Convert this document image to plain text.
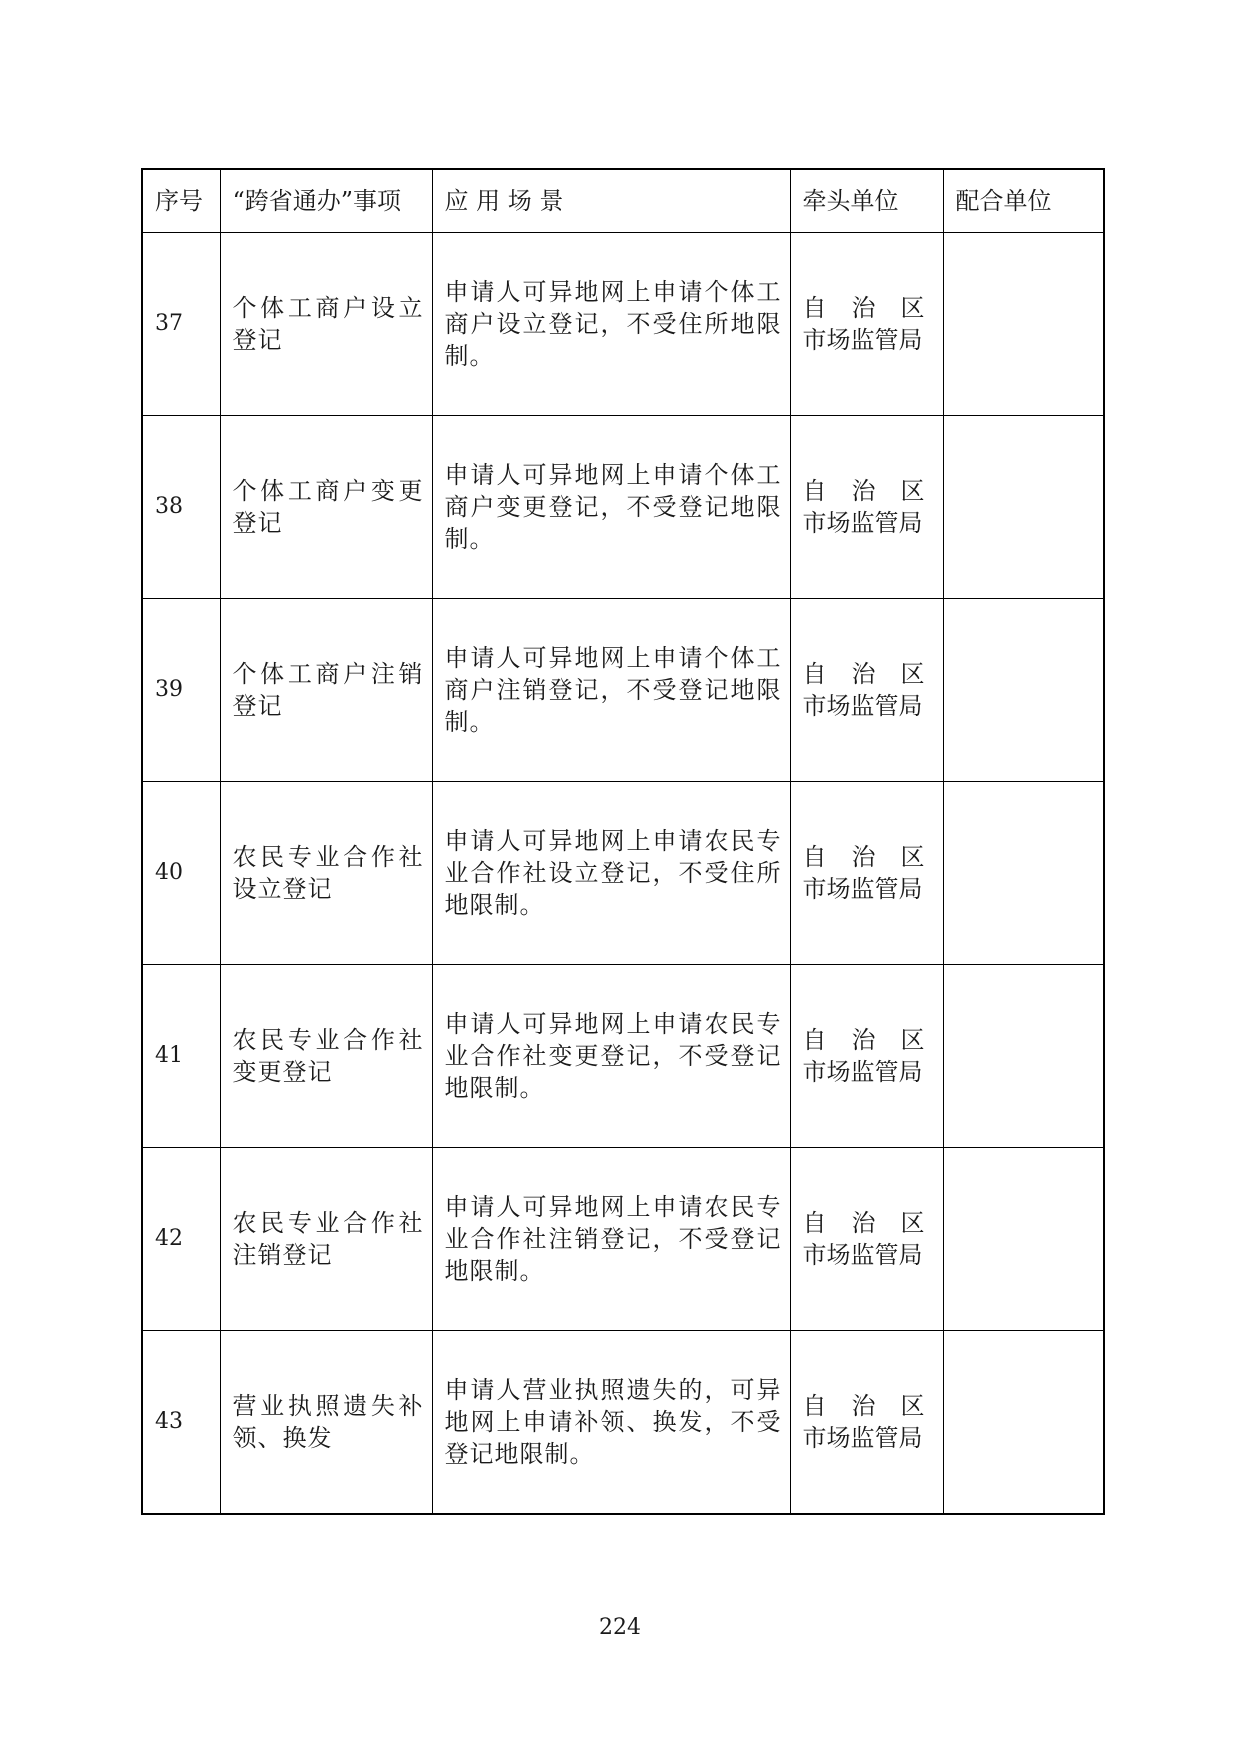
序号	“跨省通办”事项	应 用 场 景	牵头单位	配合单位
37	个体工商户设立登记	申请人可异地网上申请个体工商户设立登记，不受住所地限制。	自治区
市场监管局	

38	个体工商户变更登记	申请人可异地网上申请个体工商户变更登记，不受登记地限制。	自治区
市场监管局	

39	个体工商户注销登记	申请人可异地网上申请个体工商户注销登记，不受登记地限制。	自治区
市场监管局	

40	农民专业合作社设立登记	申请人可异地网上申请农民专业合作社设立登记，不受住所地限制。	自治区
市场监管局	

41	农民专业合作社变更登记	申请人可异地网上申请农民专业合作社变更登记，不受登记地限制。	自治区
市场监管局	

42	农民专业合作社注销登记	申请人可异地网上申请农民专业合作社注销登记，不受登记地限制。	自治区
市场监管局	

43	营业执照遗失补领、换发	申请人营业执照遗失的，可异地网上申请补领、换发，不受登记地限制。	自治区
市场监管局	

224
